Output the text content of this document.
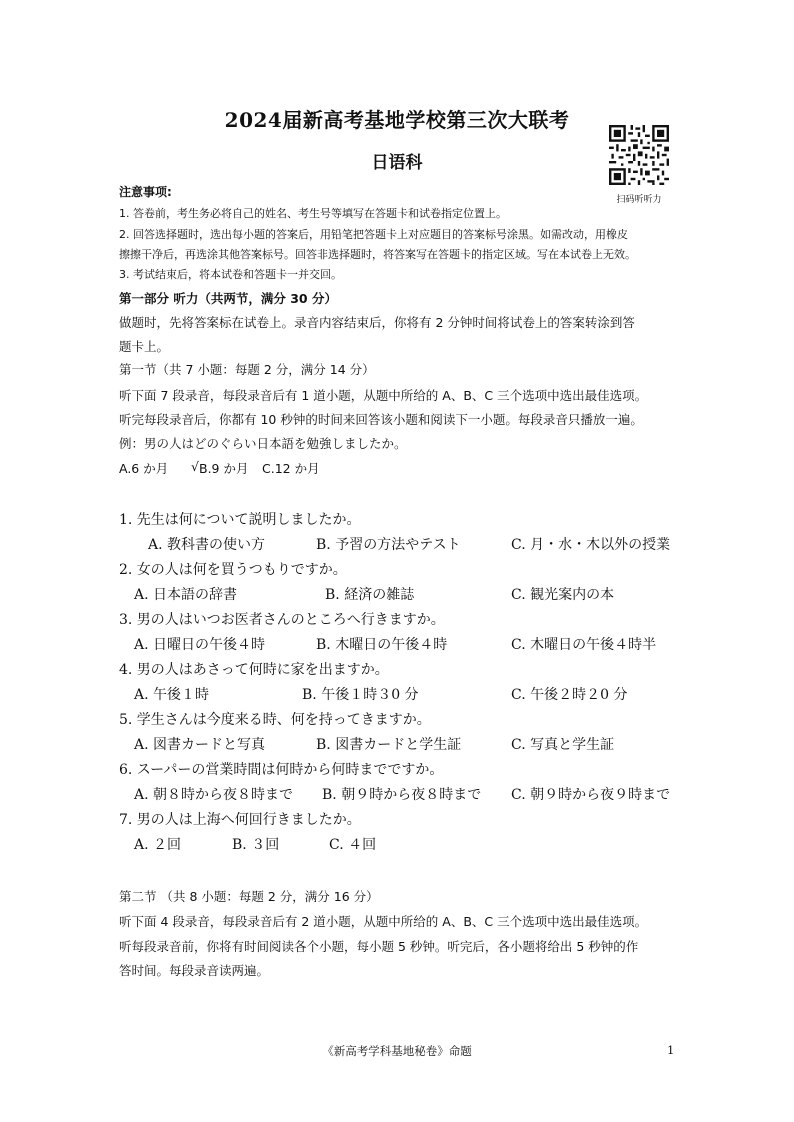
2024届新高考基地学校第三次大联考
日语科
扫码听听力
注意事项:
1. 答卷前，考生务必将自己的姓名、考生号等填写在答题卡和试卷指定位置上。
2. 回答选择题时，选出每小题的答案后，用铅笔把答题卡上对应题目的答案标号涂黑。如需改动，用橡皮
擦擦干净后，再选涂其他答案标号。回答非选择题时，将答案写在答题卡的指定区域。写在本试卷上无效。
3. 考试结束后，将本试卷和答题卡一并交回。
第一部分 听力（共两节，满分 30 分）
做题时，先将答案标在试卷上。录音内容结束后，你将有 2 分钟时间将试卷上的答案转涂到答
题卡上。
第一节（共 7 小题：每题 2 分，满分 14 分）
听下面 7 段录音，每段录音后有 1 道小题，从题中所给的 A、B、C 三个选项中选出最佳选项。
听完每段录音后，你都有 10 秒钟的时间来回答该小题和阅读下一小题。每段录音只播放一遍。
例：男の人はどのぐらい日本語を勉強しましたか。
A.6 か月 √ B.9 か月 C.12 か月
1. 先生は何について説明しましたか。
A. 教科書の使い方	B. 予習の方法やテスト	C. 月・水・木以外の授業
2. 女の人は何を買うつもりですか。
A. 日本語の辞書	B. 経済の雑誌	C. 観光案内の本
3. 男の人はいつお医者さんのところへ行きますか。
A. 日曜日の午後４時	B. 木曜日の午後４時	C. 木曜日の午後４時半
4. 男の人はあさって何時に家を出ますか。
A. 午後１時	B. 午後１時３0 分	C. 午後２時２0 分
5. 学生さんは今度来る時、何を持ってきますか。
A. 図書カードと写真	B. 図書カードと学生証	C. 写真と学生証
6. スーパーの営業時間は何時から何時までですか。
A. 朝８時から夜８時まで B. 朝９時から夜８時まで C. 朝９時から夜９時まで
7. 男の人は上海へ何回行きましたか。
A. ２回	B. ３回	C. ４回
第二节 （共 8 小题：每题 2 分，满分 16 分）
听下面 4 段录音，每段录音后有 2 道小题，从题中所给的 A、B、C 三个选项中选出最佳选项。
听每段录音前，你将有时间阅读各个小题，每小题 5 秒钟。听完后，各小题将给出 5 秒钟的作
答时间。每段录音读两遍。
《新高考学科基地秘卷》命题	1
